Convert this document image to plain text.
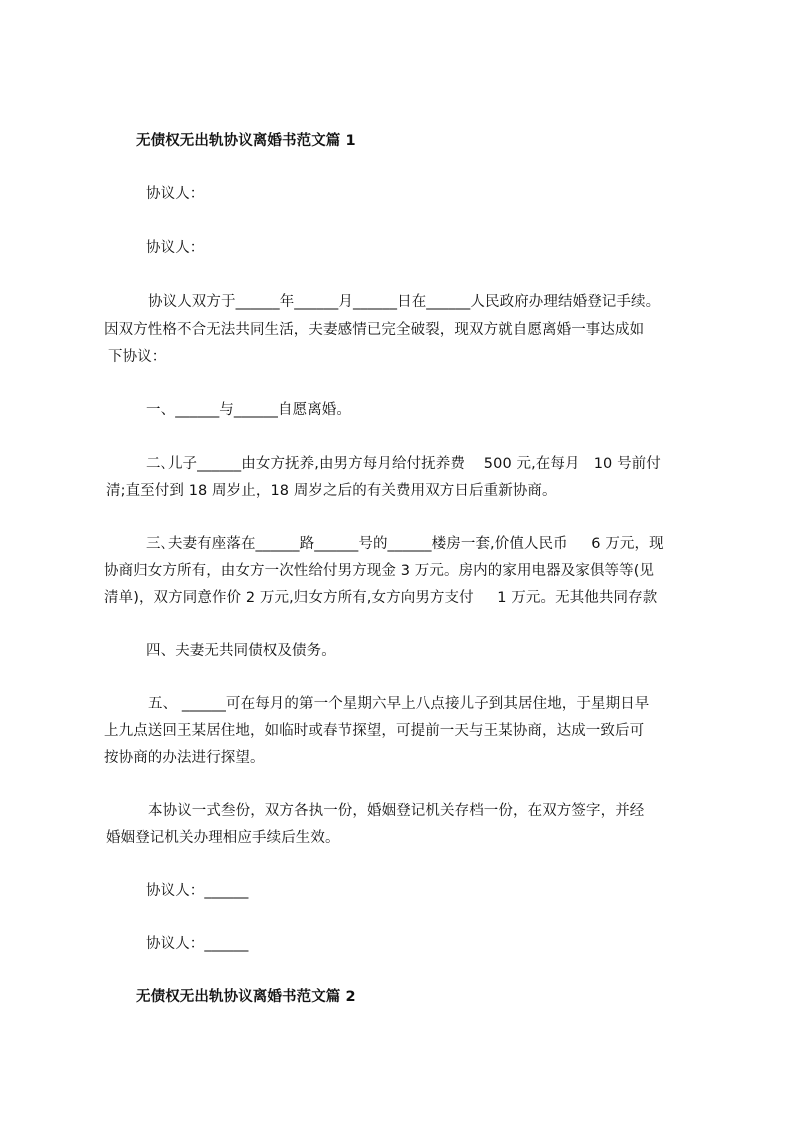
无债权无出轨协议离婚书范文篇 1
协议人：
协议人：
协议人双方于______年______月______日在______人民政府办理结婚登记手续。
因双方性格不合无法共同生活，夫妻感情已完全破裂，现双方就自愿离婚一事达成如
下协议：
一、______与______自愿离婚。
二､儿子______由女方抚养,由男方每月给付抚养费    500 元,在每月   10 号前付
清;直至付到 18 周岁止，18 周岁之后的有关费用双方日后重新协商。
三､夫妻有座落在______路______号的______楼房一套,价值人民币     6 万元，现
协商归女方所有，由女方一次性给付男方现金 3 万元。房内的家用电器及家俱等等(见
清单)，双方同意作价 2 万元,归女方所有,女方向男方支付     1 万元。无其他共同存款
四、夫妻无共同债权及债务。
五、 ______可在每月的第一个星期六早上八点接儿子到其居住地，于星期日早
上九点送回王某居住地，如临时或春节探望，可提前一天与王某协商，达成一致后可
按协商的办法进行探望。
本协议一式叁份，双方各执一份，婚姻登记机关存档一份，在双方签字，并经
婚姻登记机关办理相应手续后生效。
协议人：______
协议人：______
无债权无出轨协议离婚书范文篇 2
